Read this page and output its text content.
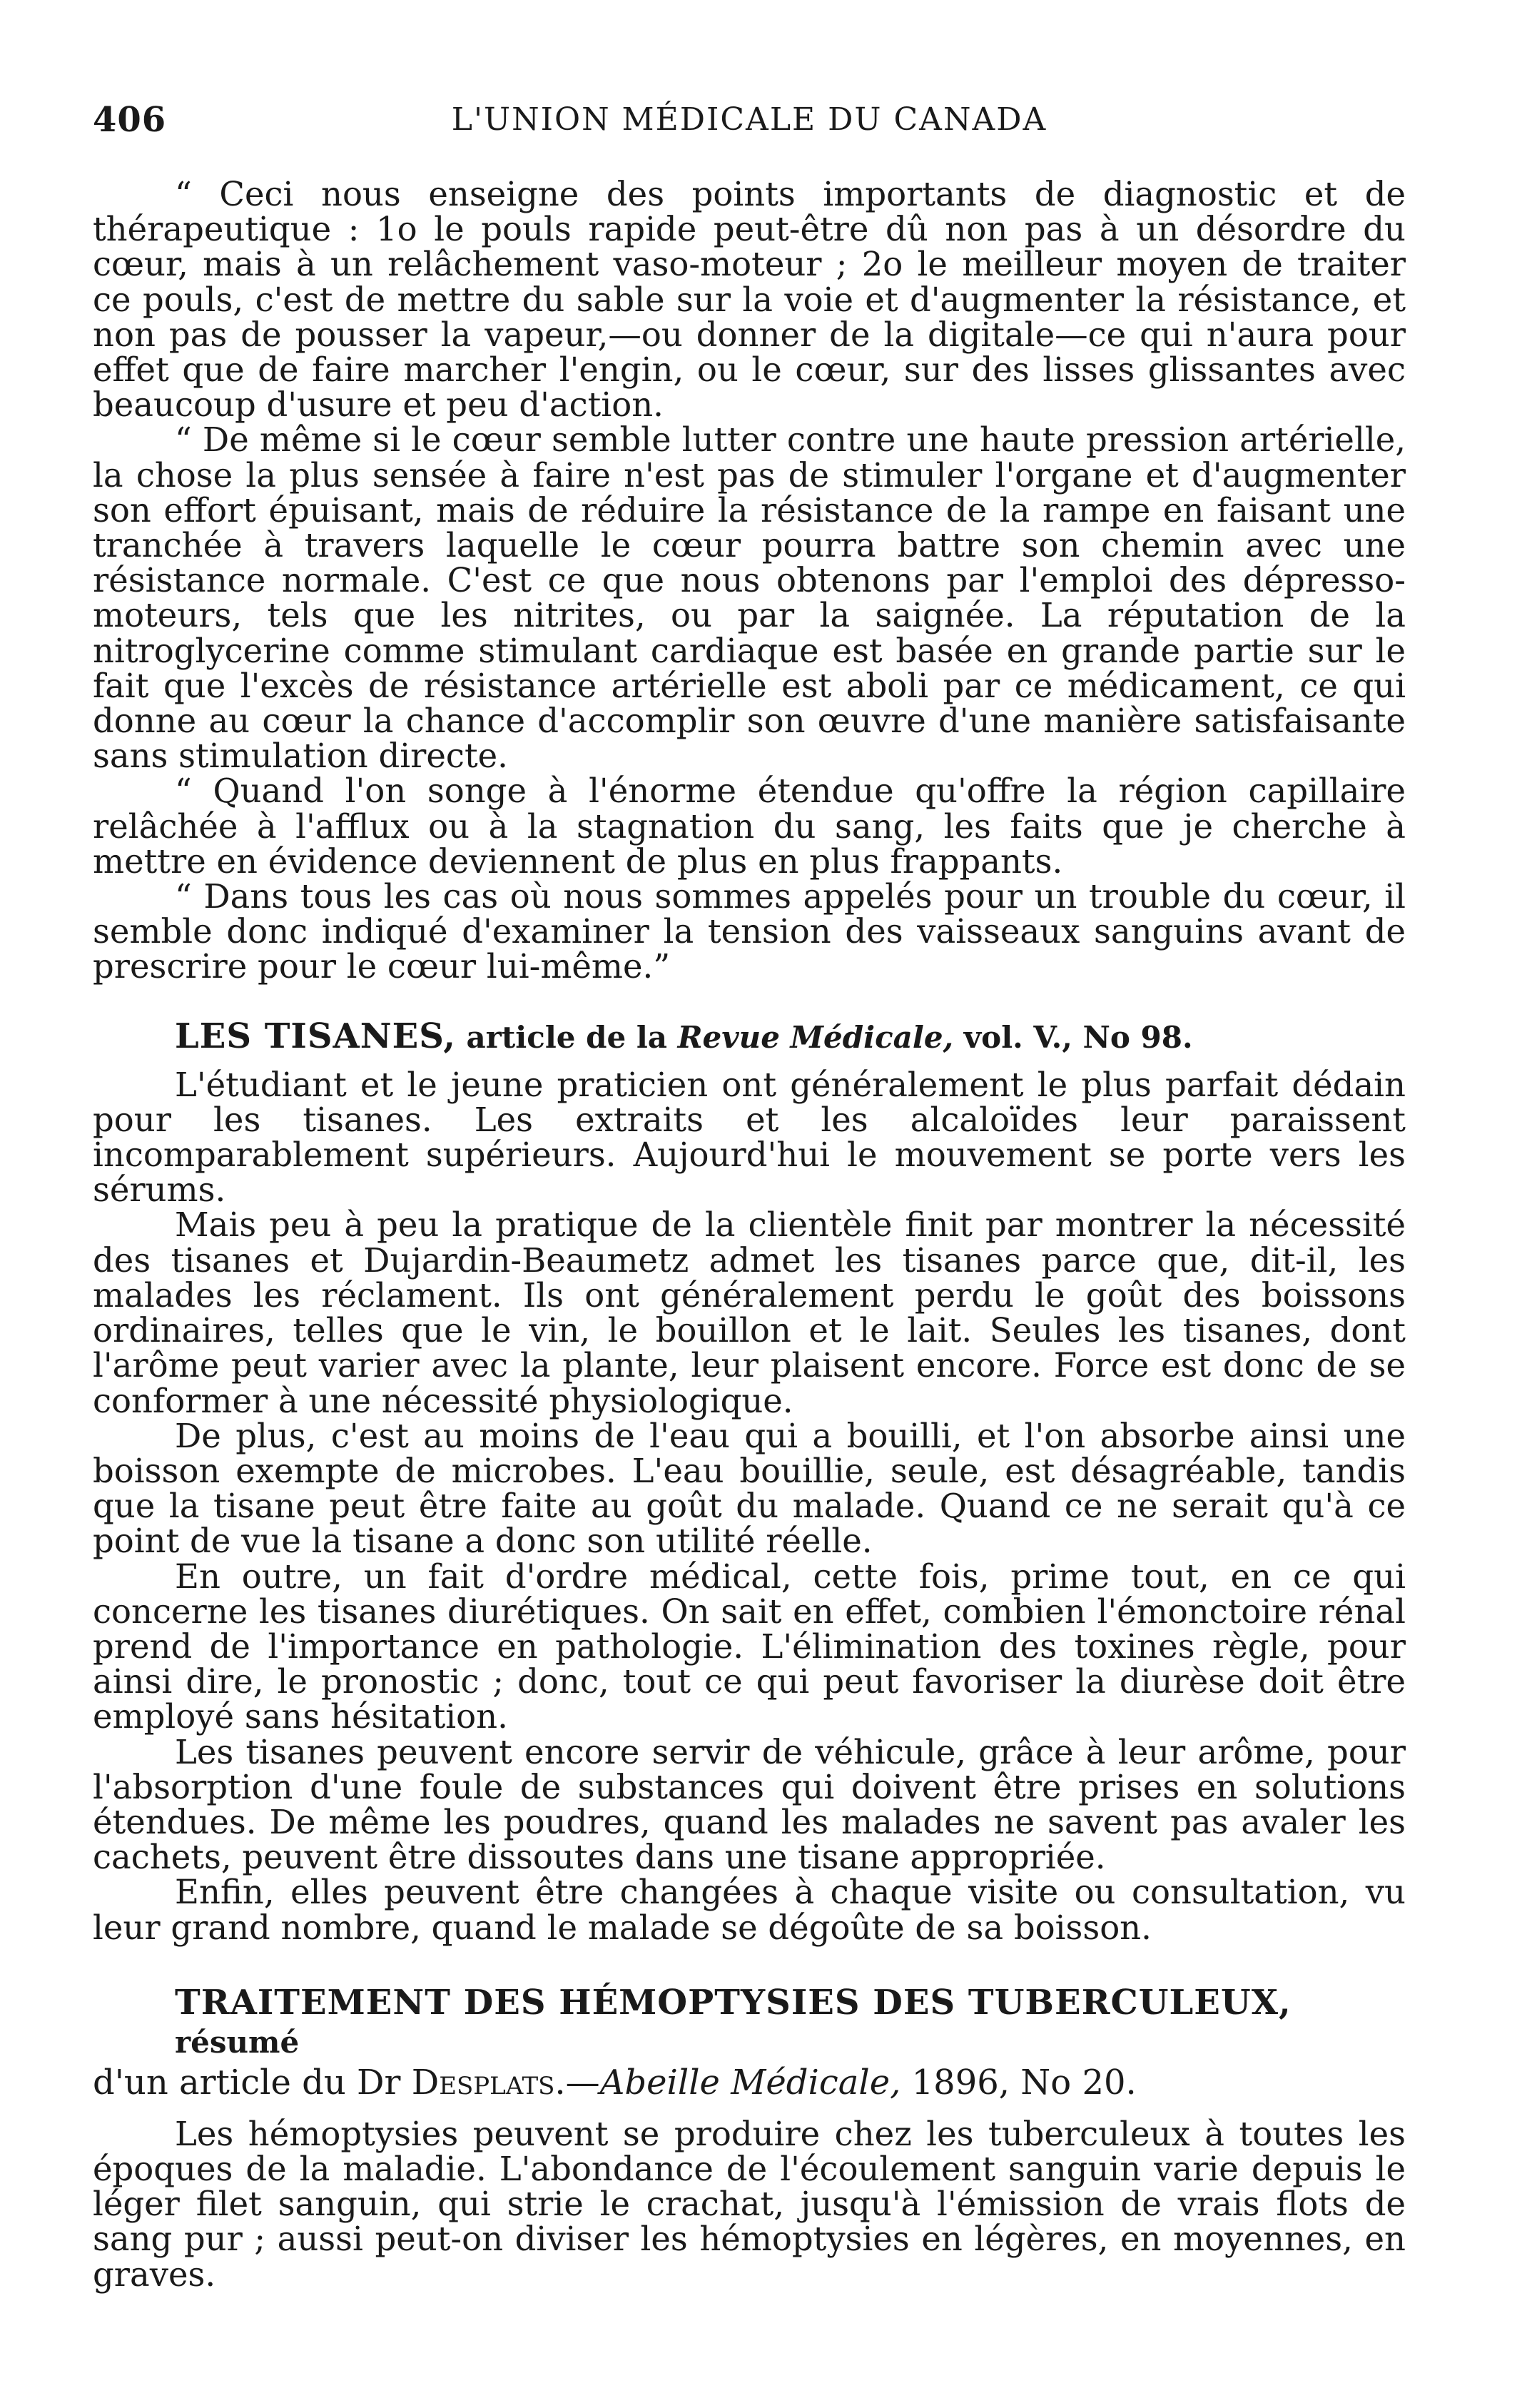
406	L'UNION MÉDICALE DU CANADA

“ Ceci nous enseigne des points importants de diagnostic et de thérapeutique : 1o le pouls rapide peut-être dû non pas à un désordre du cœur, mais à un relâchement vaso-moteur ; 2o le meilleur moyen de traiter ce pouls, c'est de mettre du sable sur la voie et d'augmenter la résistance, et non pas de pousser la vapeur,—ou donner de la digitale—ce qui n'aura pour effet que de faire marcher l'engin, ou le cœur, sur des lisses glissantes avec beaucoup d'usure et peu d'action.

“ De même si le cœur semble lutter contre une haute pression artérielle, la chose la plus sensée à faire n'est pas de stimuler l'organe et d'augmenter son effort épuisant, mais de réduire la résistance de la rampe en faisant une tranchée à travers laquelle le cœur pourra battre son chemin avec une résistance normale. C'est ce que nous obtenons par l'emploi des dépresso-moteurs, tels que les nitrites, ou par la saignée. La réputation de la nitroglycerine comme stimulant cardiaque est basée en grande partie sur le fait que l'excès de résistance artérielle est aboli par ce médicament, ce qui donne au cœur la chance d'accomplir son œuvre d'une manière satisfaisante sans stimulation directe.

“ Quand l'on songe à l'énorme étendue qu'offre la région capillaire relâchée à l'afflux ou à la stagnation du sang, les faits que je cherche à mettre en évidence deviennent de plus en plus frappants.

“ Dans tous les cas où nous sommes appelés pour un trouble du cœur, il semble donc indiqué d'examiner la tension des vaisseaux sanguins avant de prescrire pour le cœur lui-même.”

LES TISANES, article de la Revue Médicale, vol. V., No 98.

L'étudiant et le jeune praticien ont généralement le plus parfait dédain pour les tisanes. Les extraits et les alcaloïdes leur paraissent incomparablement supérieurs. Aujourd'hui le mouvement se porte vers les sérums.

Mais peu à peu la pratique de la clientèle finit par montrer la nécessité des tisanes et Dujardin-Beaumetz admet les tisanes parce que, dit-il, les malades les réclament. Ils ont généralement perdu le goût des boissons ordinaires, telles que le vin, le bouillon et le lait. Seules les tisanes, dont l'arôme peut varier avec la plante, leur plaisent encore. Force est donc de se conformer à une nécessité physiologique.

De plus, c'est au moins de l'eau qui a bouilli, et l'on absorbe ainsi une boisson exempte de microbes. L'eau bouillie, seule, est désagréable, tandis que la tisane peut être faite au goût du malade. Quand ce ne serait qu'à ce point de vue la tisane a donc son utilité réelle.

En outre, un fait d'ordre médical, cette fois, prime tout, en ce qui concerne les tisanes diurétiques. On sait en effet, combien l'émonctoire rénal prend de l'importance en pathologie. L'élimination des toxines règle, pour ainsi dire, le pronostic ; donc, tout ce qui peut favoriser la diurèse doit être employé sans hésitation.

Les tisanes peuvent encore servir de véhicule, grâce à leur arôme, pour l'absorption d'une foule de substances qui doivent être prises en solutions étendues. De même les poudres, quand les malades ne savent pas avaler les cachets, peuvent être dissoutes dans une tisane appropriée.

Enfin, elles peuvent être changées à chaque visite ou consultation, vu leur grand nombre, quand le malade se dégoûte de sa boisson.

TRAITEMENT DES HÉMOPTYSIES DES TUBERCULEUX, résumé
d'un article du Dr Desplats.—Abeille Médicale, 1896, No 20.

Les hémoptysies peuvent se produire chez les tuberculeux à toutes les époques de la maladie. L'abondance de l'écoulement sanguin varie depuis le léger filet sanguin, qui strie le crachat, jusqu'à l'émission de vrais flots de sang pur ; aussi peut-on diviser les hémoptysies en légères, en moyennes, en graves.
